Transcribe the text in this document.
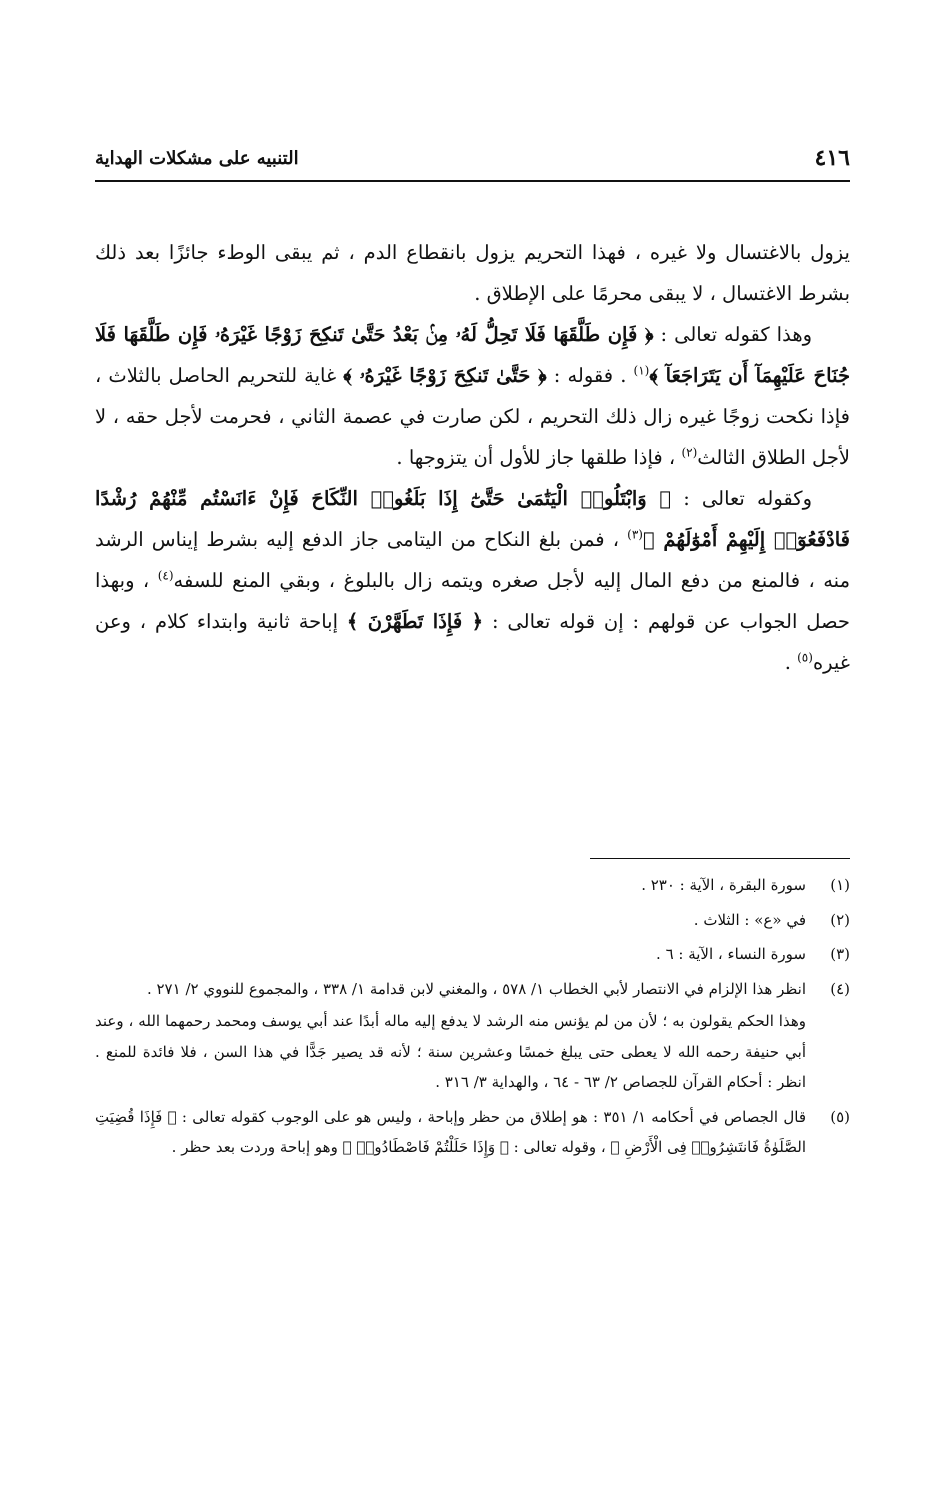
٤١٦
التنبيه على مشكلات الهداية

يزول بالاغتسال ولا غيره ، فهذا التحريم يزول بانقطاع الدم ، ثم يبقى الوطء جائزًا بعد ذلك بشرط الاغتسال ، لا يبقى محرمًا على الإطلاق .

وهذا كقوله تعالى : ﴿ فَإِن طَلَّقَهَا فَلَا تَحِلُّ لَهُۥ مِنۢ بَعْدُ حَتَّىٰ تَنكِحَ زَوْجًا غَيْرَهُۥ فَإِن طَلَّقَهَا فَلَا جُنَاحَ عَلَيْهِمَآ أَن يَتَرَاجَعَآ ﴾$^{(١)}$ . فقوله : ﴿ حَتَّىٰ تَنكِحَ زَوْجًا غَيْرَهُۥ ﴾ غاية للتحريم الحاصل بالثلاث ، فإذا نكحت زوجًا غيره زال ذلك التحريم ، لكن صارت في عصمة الثاني ، فحرمت لأجل حقه ، لا لأجل الطلاق الثالث$^{(٢)}$ ، فإذا طلقها جاز للأول أن يتزوجها .

وكقوله تعالى : ﴿ وَابْتَلُوا۟ الْيَتَٰمَىٰ حَتَّىٰٓ إِذَا بَلَغُوا۟ النِّكَاحَ فَإِنْ ءَانَسْتُم مِّنْهُمْ رُشْدًا فَادْفَعُوٓا۟ إِلَيْهِمْ أَمْوَٰلَهُمْ ﴾$^{(٣)}$ ، فمن بلغ النكاح من اليتامى جاز الدفع إليه بشرط إيناس الرشد منه ، فالمنع من دفع المال إليه لأجل صغره ويتمه زال بالبلوغ ، وبقي المنع للسفه$^{(٤)}$ ، وبهذا حصل الجواب عن قولهم : إن قوله تعالى : ﴿ فَإِذَا تَطَهَّرْنَ ﴾ إباحة ثانية وابتداء كلام ، وعن غيره$^{(٥)}$ .

(١)
سورة البقرة ، الآية : ٢٣٠ .
(٢)
في «ع» : الثلاث .
(٣)
سورة النساء ، الآية : ٦ .
(٤)
انظر هذا الإلزام في الانتصار لأبي الخطاب ١/ ٥٧٨ ، والمغني لابن قدامة ١/ ٣٣٨ ، والمجموع للنووي ٢/ ٢٧١ .
وهذا الحكم يقولون به ؛ لأن من لم يؤنس منه الرشد لا يدفع إليه ماله أبدًا عند أبي يوسف ومحمد رحمهما الله ، وعند أبي حنيفة رحمه الله لا يعطى حتى يبلغ خمسًا وعشرين سنة ؛ لأنه قد يصير جَدًّا في هذا السن ، فلا فائدة للمنع . انظر : أحكام القرآن للجصاص ٢/ ٦٣ - ٦٤ ، والهداية ٣/ ٣١٦ .
(٥)
قال الجصاص في أحكامه ١/ ٣٥١ : هو إطلاق من حظر وإباحة ، وليس هو على الوجوب كقوله تعالى : ﴿ فَإِذَا قُضِيَتِ الصَّلَوٰةُ فَانتَشِرُوا۟ فِى الْأَرْضِ ﴾ ، وقوله تعالى : ﴿ وَإِذَا حَلَلْتُمْ فَاصْطَادُوا۟ ﴾ وهو إباحة وردت بعد حظر .
